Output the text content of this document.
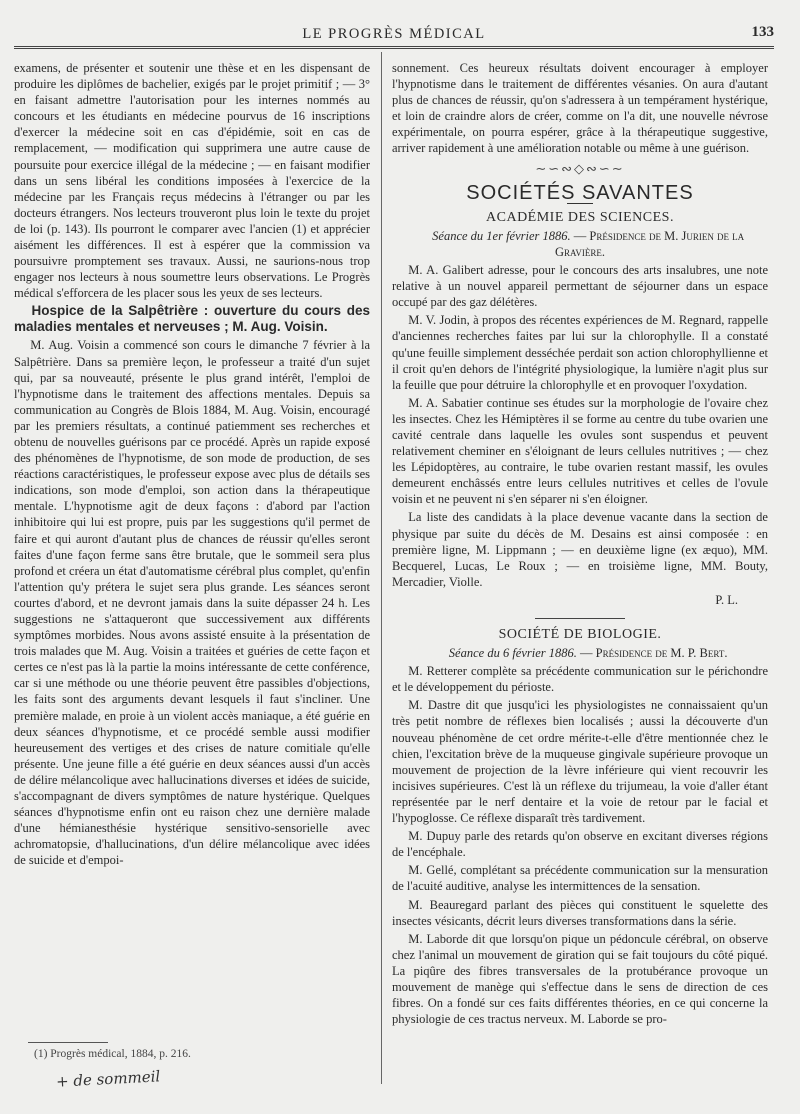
LE PROGRÈS MÉDICAL	133

examens, de présenter et soutenir une thèse et en les dispensant de produire les diplômes de bachelier, exigés par le projet primitif ; — 3° en faisant admettre l'autorisation pour les internes nommés au concours et les étudiants en médecine pourvus de 16 inscriptions d'exercer la médecine soit en cas d'épidémie, soit en cas de remplacement, — modification qui supprimera une autre cause de poursuite pour exercice illégal de la médecine ; — en faisant modifier dans un sens libéral les conditions imposées à l'exercice de la médecine par les Français reçus médecins à l'étranger ou par les docteurs étrangers. Nos lecteurs trouveront plus loin le texte du projet de loi (p. 143). Ils pourront le comparer avec l'ancien (1) et apprécier aisément les différences. Il est à espérer que la commission va poursuivre promptement ses travaux. Aussi, ne saurions-nous trop engager nos lecteurs à nous soumettre leurs observations. Le Progrès médical s'efforcera de les placer sous les yeux de ses lecteurs.

Hospice de la Salpêtrière : ouverture du cours des maladies mentales et nerveuses ; M. Aug. Voisin.

M. Aug. Voisin a commencé son cours le dimanche 7 février à la Salpêtrière. Dans sa première leçon, le professeur a traité d'un sujet qui, par sa nouveauté, présente le plus grand intérêt, l'emploi de l'hypnotisme dans le traitement des affections mentales. Depuis sa communication au Congrès de Blois 1884, M. Aug. Voisin, encouragé par les premiers résultats, a continué patiemment ses recherches et obtenu de nouvelles guérisons par ce procédé. Après un rapide exposé des phénomènes de l'hypnotisme, de son mode de production, de ses réactions caractéristiques, le professeur expose avec plus de détails ses indications, son mode d'emploi, son action dans la thérapeutique mentale. L'hypnotisme agit de deux façons : d'abord par l'action inhibitoire qui lui est propre, puis par les suggestions qu'il permet de faire et qui auront d'autant plus de chances de réussir qu'elles seront faites d'une façon ferme sans être brutale, que le sommeil sera plus profond et créera un état d'automatisme cérébral plus complet, qu'enfin l'attention qu'y prétera le sujet sera plus grande. Les séances seront courtes d'abord, et ne devront jamais dans la suite dépasser 24 h. Les suggestions ne s'attaqueront que successivement aux différents symptômes morbides. Nous avons assisté ensuite à la présentation de trois malades que M. Aug. Voisin a traitées et guéries de cette façon et certes ce n'est pas là la partie la moins intéressante de cette conférence, car si une méthode ou une théorie peuvent être passibles d'objections, les faits sont des arguments devant lesquels il faut s'incliner. Une première malade, en proie à un violent accès maniaque, a été guérie en deux séances d'hypnotisme, et ce procédé semble aussi modifier heureusement des vertiges et des crises de nature comitiale qu'elle présente. Une jeune fille a été guérie en deux séances aussi d'un accès de délire mélancolique avec hallucinations diverses et idées de suicide, s'accompagnant de divers symptômes de nature hystérique. Quelques séances d'hypnotisme enfin ont eu raison chez une dernière malade d'une hémianesthésie hystérique sensitivo-sensorielle avec achromatopsie, d'hallucinations, d'un délire mélancolique avec idées de suicide et d'empoi-

sonnement. Ces heureux résultats doivent encourager à employer l'hypnotisme dans le traitement de différentes vésanies. On aura d'autant plus de chances de réussir, qu'on s'adressera à un tempérament hystérique, et loin de craindre alors de créer, comme on l'a dit, une nouvelle névrose expérimentale, on pourra espérer, grâce à la thérapeutique suggestive, arriver rapidement à une amélioration notable ou même à une guérison.

∼∽∾◇∾∽∼
SOCIÉTÉS SAVANTES
ACADÉMIE DES SCIENCES.

Séance du 1er février 1886. — Présidence de M. Jurien de la Gravière.

M. A. Galibert adresse, pour le concours des arts insalubres, une note relative à un nouvel appareil permettant de séjourner dans un espace occupé par des gaz délétères.

M. V. Jodin, à propos des récentes expériences de M. Regnard, rappelle d'anciennes recherches faites par lui sur la chlorophylle. Il a constaté qu'une feuille simplement desséchée perdait son action chlorophyllienne et il croit qu'en dehors de l'intégrité physiologique, la lumière n'agit plus sur la feuille que pour détruire la chlorophylle et en provoquer l'oxydation.

M. A. Sabatier continue ses études sur la morphologie de l'ovaire chez les insectes. Chez les Hémiptères il se forme au centre du tube ovarien une cavité centrale dans laquelle les ovules sont suspendus et peuvent relativement cheminer en s'éloignant de leurs cellules nutritives ; — chez les Lépidoptères, au contraire, le tube ovarien restant massif, les ovules demeurent enchâssés entre leurs cellules nutritives et celles de l'ovule voisin et ne peuvent ni s'en séparer ni s'en éloigner.

La liste des candidats à la place devenue vacante dans la section de physique par suite du décès de M. Desains est ainsi composée : en première ligne, M. Lippmann ; — en deuxième ligne (ex æquo), MM. Becquerel, Lucas, Le Roux ; — en troisième ligne, MM. Bouty, Mercadier, Violle.

P. L.

SOCIÉTÉ DE BIOLOGIE.

Séance du 6 février 1886. — Présidence de M. P. Bert.

M. Retterer complète sa précédente communication sur le périchondre et le développement du périoste.

M. Dastre dit que jusqu'ici les physiologistes ne connaissaient qu'un très petit nombre de réflexes bien localisés ; aussi la découverte d'un nouveau phénomène de cet ordre mérite-t-elle d'être mentionnée chez le chien, l'excitation brève de la muqueuse gingivale supérieure provoque un mouvement de projection de la lèvre inférieure qui vient recouvrir les incisives supérieures. C'est là un réflexe du trijumeau, la voie d'aller étant représentée par le nerf dentaire et la voie de retour par le facial et l'hypoglosse. Ce réflexe disparaît très tardivement.

M. Dupuy parle des retards qu'on observe en excitant diverses régions de l'encéphale.

M. Gellé, complétant sa précédente communication sur la mensuration de l'acuité auditive, analyse les intermittences de la sensation.

M. Beauregard parlant des pièces qui constituent le squelette des insectes vésicants, décrit leurs diverses transformations dans la série.

M. Laborde dit que lorsqu'on pique un pédoncule cérébral, on observe chez l'animal un mouvement de giration qui se fait toujours du côté piqué. La piqûre des fibres transversales de la protubérance provoque un mouvement de manège qui s'effectue dans le sens de direction de ces fibres. On a fondé sur ces faits différentes théories, en ce qui concerne la physiologie de ces tractus nerveux. M. Laborde se pro-

(1) Progrès médical, 1884, p. 216.
+ de sommeil
